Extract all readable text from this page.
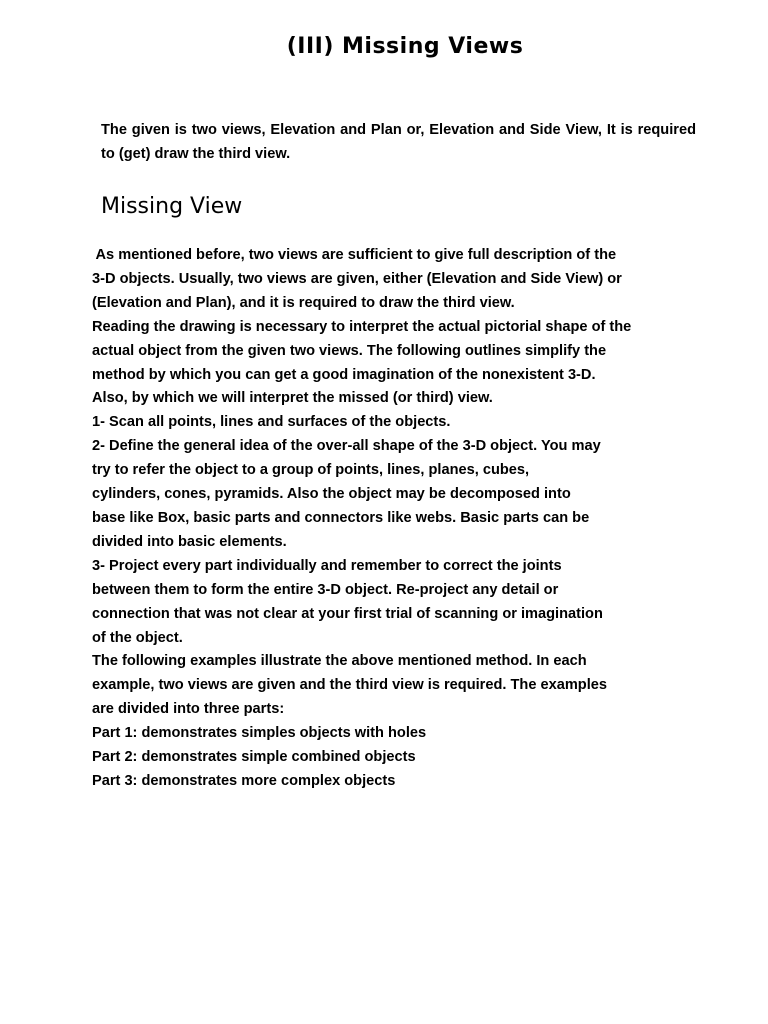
(III) Missing Views

The given is two views, Elevation and Plan or, Elevation and Side View, It is required to (get) draw the third view.

Missing View
As mentioned before, two views are sufficient to give full description of the
3-D objects. Usually, two views are given, either (Elevation and Side View) or
(Elevation and Plan), and it is required to draw the third view.
Reading the drawing is necessary to interpret the actual pictorial shape of the
actual object from the given two views. The following outlines simplify the
method by which you can get a good imagination of the nonexistent 3-D.
Also, by which we will interpret the missed (or third) view.
1- Scan all points, lines and surfaces of the objects.
2- Define the general idea of the over-all shape of the 3-D object. You may
try to refer the object to a group of points, lines, planes, cubes,
cylinders, cones, pyramids. Also the object may be decomposed into
base like Box, basic parts and connectors like webs. Basic parts can be
divided into basic elements.
3- Project every part individually and remember to correct the joints
between them to form the entire 3-D object. Re-project any detail or
connection that was not clear at your first trial of scanning or imagination
of the object.
The following examples illustrate the above mentioned method. In each
example, two views are given and the third view is required. The examples
are divided into three parts:
Part 1: demonstrates simples objects with holes
Part 2: demonstrates simple combined objects
Part 3: demonstrates more complex objects
